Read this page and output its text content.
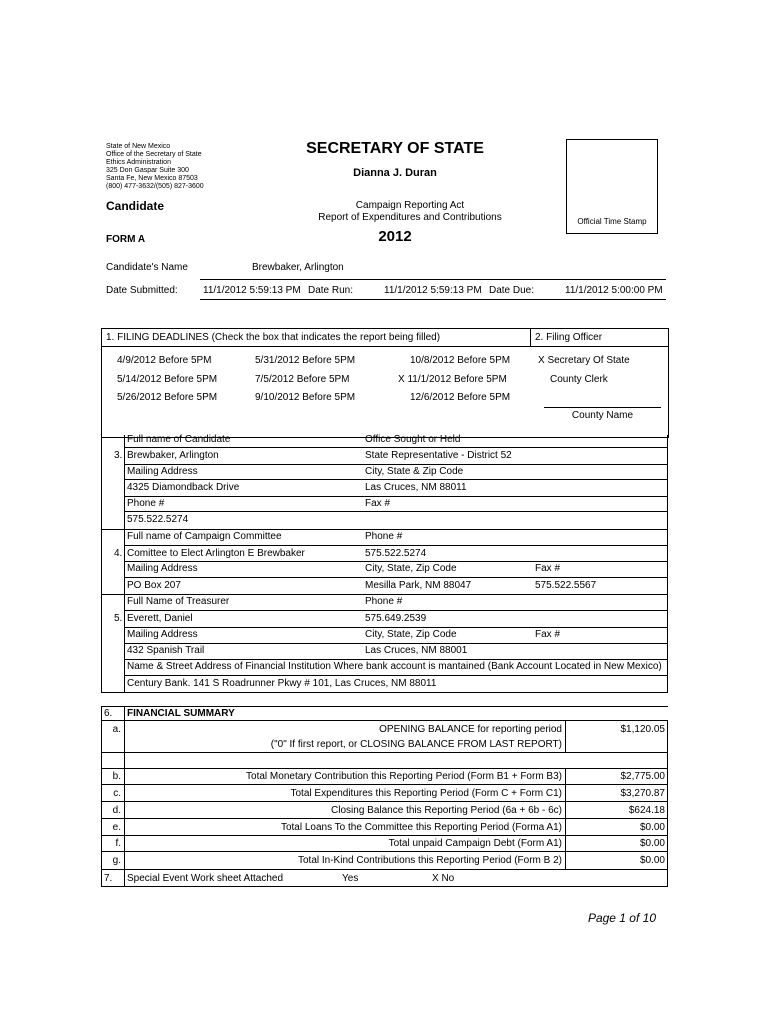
State of New Mexico
Office of the Secretary of State
Ethics Administration
325 Don Gaspar Suite 300
Santa Fe, New Mexico 87503
(800) 477-3632/(505) 827-3600
SECRETARY OF STATE
Dianna J. Duran
Candidate	Campaign Reporting Act
Report of Expenditures and Contributions
2012
FORM A
Official Time Stamp
Candidate's Name	Brewbaker, Arlington
Date Submitted:	11/1/2012 5:59:13 PM Date Run:	11/1/2012 5:59:13 PM Date Due:	11/1/2012 5:00:00 PM
1. FILING DEADLINES (Check the box that indicates the report being filled)	2. Filing Officer
4/9/2012 Before 5PM	5/31/2012 Before 5PM	10/8/2012 Before 5PM
5/14/2012 Before 5PM	7/5/2012 Before 5PM	X 11/1/2012 Before 5PM
5/26/2012 Before 5PM	9/10/2012 Before 5PM	12/6/2012 Before 5PM
X Secretary Of State
County Clerk
County Name
Full name of Candidate	Office Sought or Held
3. Brewbaker, Arlington	State Representative - District 52
Mailing Address	City, State & Zip Code
4325 Diamondback Drive	Las Cruces, NM 88011
Phone #	Fax #
575.522.5274
Full name of Campaign Committee	Phone #
4. Comittee to Elect Arlington E Brewbaker	575.522.5274
Mailing Address	City, State, Zip Code	Fax #
PO Box 207	Mesilla Park, NM 88047	575.522.5567
Full Name of Treasurer	Phone #
5. Everett, Daniel	575.649.2539
Mailing Address	City, State, Zip Code	Fax #
432 Spanish Trail	Las Cruces, NM 88001
Name & Street Address of Financial Institution Where bank account is mantained (Bank Account Located in New Mexico)
Century Bank. 141 S Roadrunner Pkwy # 101, Las Cruces, NM 88011
6. FINANCIAL SUMMARY
a.	OPENING BALANCE for reporting period	$1,120.05
("0" If first report, or CLOSING BALANCE FROM LAST REPORT)
b.	Total Monetary Contribution this Reporting Period (Form B1 + Form B3)	$2,775.00
c.	Total Expenditures this Reporting Period (Form C + Form C1)	$3,270.87
d.	Closing Balance this Reporting Period (6a + 6b - 6c)	$624.18
e.	Total Loans To the Committee this Reporting Period (Forma A1)	$0.00
f.	Total unpaid Campaign Debt (Form A1)	$0.00
g.	Total In-Kind Contributions this Reporting Period (Form B 2)	$0.00
7. Special Event Work sheet Attached	Yes	X No
Page 1 of 10
